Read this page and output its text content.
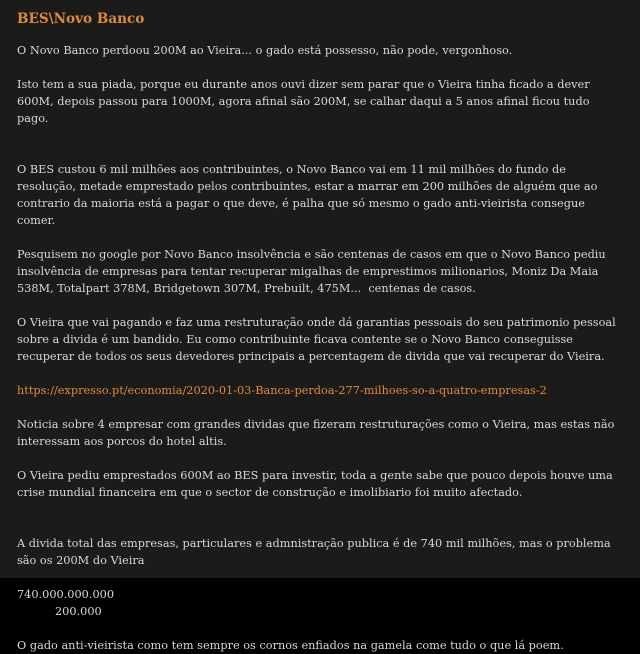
BES\Novo Banco

O Novo Banco perdoou 200M ao Vieira... o gado está possesso, não pode, vergonhoso.

Isto tem a sua piada, porque eu durante anos ouvi dizer sem parar que o Vieira tinha ficado a dever 600M, depois passou para 1000M, agora afinal são 200M, se calhar daqui a 5 anos afinal ficou tudo pago.

O BES custou 6 mil milhões aos contribuintes, o Novo Banco vai em 11 mil milhões do fundo de resolução, metade emprestado pelos contribuintes, estar a marrar em 200 milhões de alguém que ao contrario da maioria está a pagar o que deve, é palha que só mesmo o gado anti-vieirista consegue comer.

Pesquisem no google por Novo Banco insolvência e são centenas de casos em que o Novo Banco pediu insolvência de empresas para tentar recuperar migalhas de emprestimos milionarios, Moniz Da Maia 538M, Totalpart 378M, Bridgetown 307M, Prebuilt, 475M...  centenas de casos.

O Vieira que vai pagando e faz uma restruturação onde dá garantias pessoais do seu patrimonio pessoal sobre a divida é um bandido. Eu como contribuinte ficava contente se o Novo Banco conseguisse recuperar de todos os seus devedores principais a percentagem de divida que vai recuperar do Vieira.

https://expresso.pt/economia/2020-01-03-Banca-perdoa-277-milhoes-so-a-quatro-empresas-2

Noticia sobre 4 empresar com grandes dividas que fizeram restruturações como o Vieira, mas estas não interessam aos porcos do hotel altis.

O Vieira pediu emprestados 600M ao BES para investir, toda a gente sabe que pouco depois houve uma crise mundial financeira em que o sector de construção e imolibiario foi muito afectado.

A divida total das empresas, particulares e admnistração publica é de 740 mil milhões, mas o problema são os 200M do Vieira

740.000.000.000

200.000

O gado anti-vieirista como tem sempre os cornos enfiados na gamela come tudo o que lá poem.
